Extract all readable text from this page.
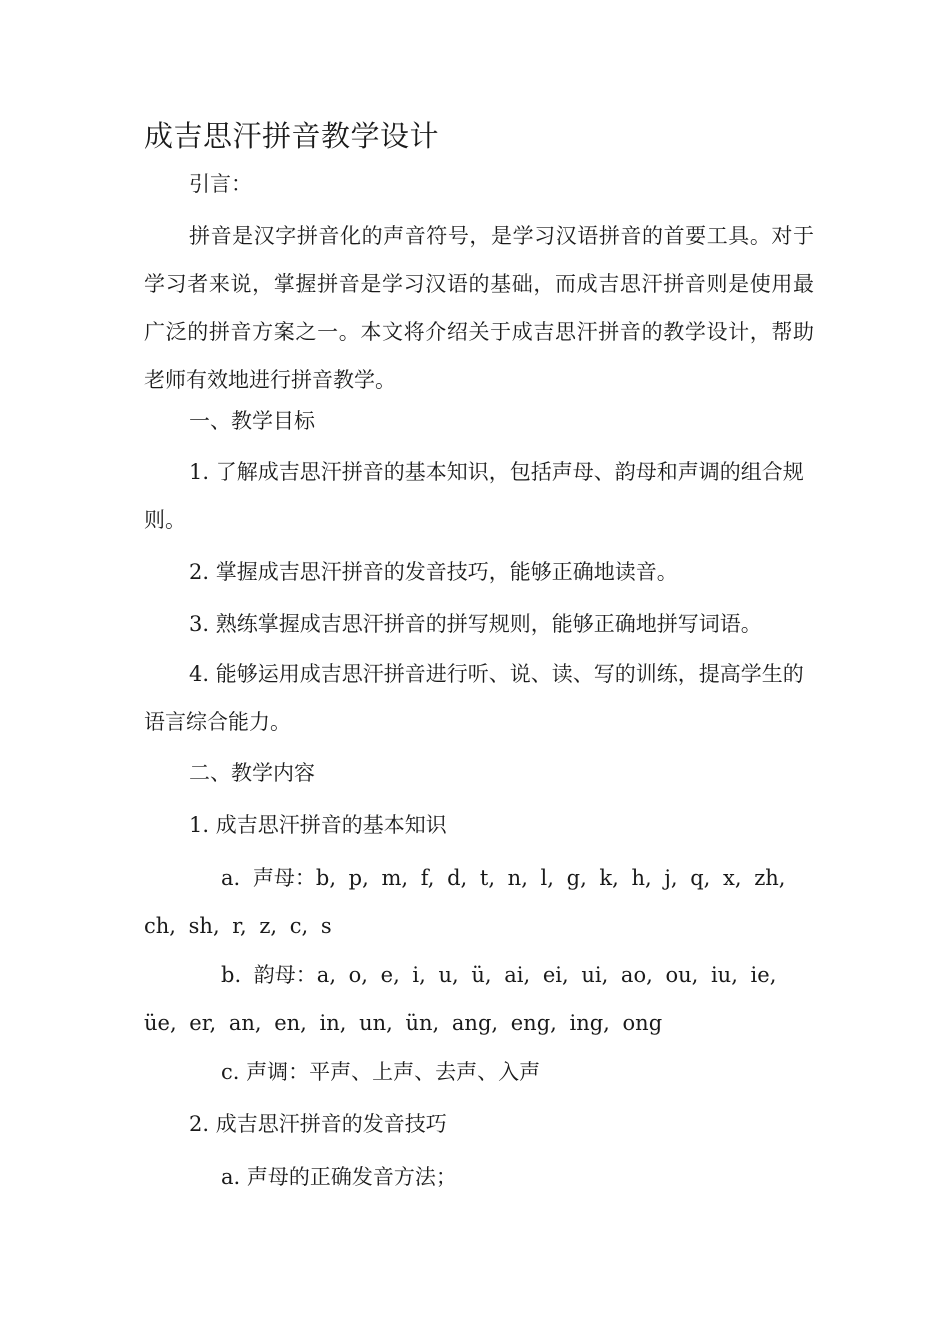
成吉思汗拼音教学设计

引言：

拼音是汉字拼音化的声音符号，是学习汉语拼音的首要工具。对于学习者来说，掌握拼音是学习汉语的基础，而成吉思汗拼音则是使用最广泛的拼音方案之一。本文将介绍关于成吉思汗拼音的教学设计，帮助老师有效地进行拼音教学。

一、教学目标

1. 了解成吉思汗拼音的基本知识，包括声母、韵母和声调的组合规则。

2. 掌握成吉思汗拼音的发音技巧，能够正确地读音。

3. 熟练掌握成吉思汗拼音的拼写规则，能够正确地拼写词语。

4. 能够运用成吉思汗拼音进行听、说、读、写的训练，提高学生的语言综合能力。

二、教学内容

1. 成吉思汗拼音的基本知识

a. 声母：b, p, m, f, d, t, n, l, g, k, h, j, q, x, zh, ch, sh, r, z, c, s

b. 韵母：a, o, e, i, u, ü, ai, ei, ui, ao, ou, iu, ie, üe, er, an, en, in, un, ün, ang, eng, ing, ong

c. 声调：平声、上声、去声、入声

2. 成吉思汗拼音的发音技巧

a. 声母的正确发音方法；
